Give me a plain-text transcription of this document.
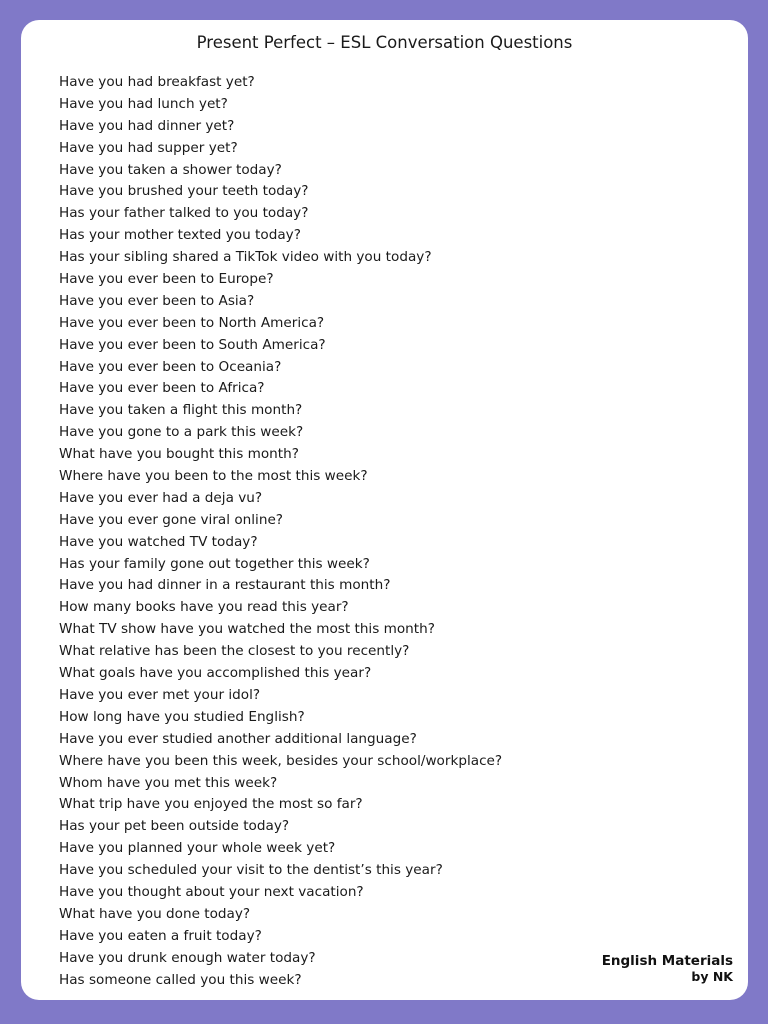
Present Perfect – ESL Conversation Questions
Have you had breakfast yet?
Have you had lunch yet?
Have you had dinner yet?
Have you had supper yet?
Have you taken a shower today?
Have you brushed your teeth today?
Has your father talked to you today?
Has your mother texted you today?
Has your sibling shared a TikTok video with you today?
Have you ever been to Europe?
Have you ever been to Asia?
Have you ever been to North America?
Have you ever been to South America?
Have you ever been to Oceania?
Have you ever been to Africa?
Have you taken a flight this month?
Have you gone to a park this week?
What have you bought this month?
Where have you been to the most this week?
Have you ever had a deja vu?
Have you ever gone viral online?
Have you watched TV today?
Has your family gone out together this week?
Have you had dinner in a restaurant this month?
How many books have you read this year?
What TV show have you watched the most this month?
What relative has been the closest to you recently?
What goals have you accomplished this year?
Have you ever met your idol?
How long have you studied English?
Have you ever studied another additional language?
Where have you been this week, besides your school/workplace?
Whom have you met this week?
What trip have you enjoyed the most so far?
Has your pet been outside today?
Have you planned your whole week yet?
Have you scheduled your visit to the dentist’s this year?
Have you thought about your next vacation?
What have you done today?
Have you eaten a fruit today?
Have you drunk enough water today?
Has someone called you this week?
English Materials
by NK
